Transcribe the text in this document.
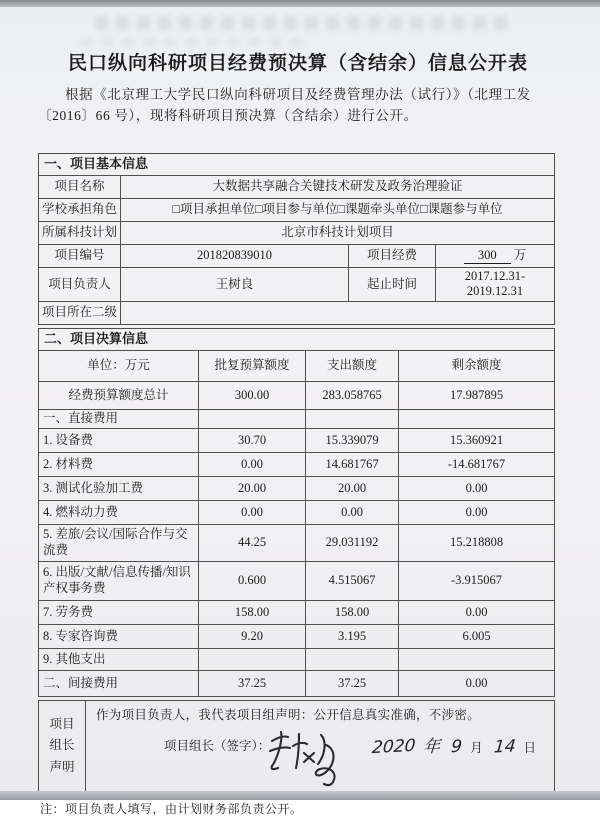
民口纵向科研项目经费预决算（含结余）信息公开表

根据《北京理工大学民口纵向科研项目及经费管理办法（试行）》（北理工发〔2016〕66 号），现将科研项目预决算（含结余）进行公开。

一、项目基本信息			
项目名称	大数据共享融合关键技术研发及政务治理验证		
学校承担角色	□项目承担单位□项目参与单位□课题牵头单位□课题参与单位		
所属科技计划	北京市科技计划项目		
项目编号	201820839010	项目经费	300 万
项目负责人	王树良	起止时间	2017.12.31-2019.12.31
项目所在二级			
二、项目决算信息			
单位：万元	批复预算额度	支出额度	剩余额度
经费预算额度总计	300.00	283.058765	17.987895
一、直接费用			
1. 设备费	30.70	15.339079	15.360921
2. 材料费	0.00	14.681767	-14.681767
3. 测试化验加工费	20.00	20.00	0.00
4. 燃料动力费	0.00	0.00	0.00
5. 差旅/会议/国际合作与交流费	44.25	29.031192	15.218808
6. 出版/文献/信息传播/知识产权事务费	0.600	4.515067	-3.915067
7. 劳务费	158.00	158.00	0.00
8. 专家咨询费	9.20	3.195	6.005
9. 其他支出			
二、间接费用	37.25	37.25	0.00
项目
组长
声明

作为项目负责人，我代表项目组声明：公开信息真实准确，不涉密。
项目组长（签字）：	2020 年 9 月 14 日

注：项目负责人填写，由计划财务部负责公开。
